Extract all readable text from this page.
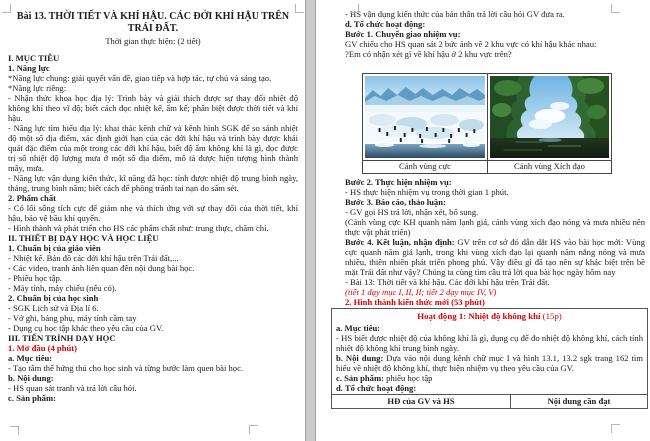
Bài 13. THỜI TIẾT VÀ KHÍ HẬU. CÁC ĐỚI KHÍ HẬU TRÊN TRÁI ĐẤT.

Thời gian thực hiện: (2 tiết)

I. MỤC TIÊU

1. Năng lực

*Năng lực chung: giải quyết vấn đề, giao tiếp và hợp tác, tự chủ và sáng tạo.

*Năng lực riêng:

- Nhận thức khoa học địa lý: Trình bày và giải thích được sự thay đổi nhiệt độ không khí theo vĩ độ; biết cách đọc nhiệt kế, ẩm kế; phân biệt được thời tiết và khí hậu.

- Năng lực tìm hiểu địa lý: khai thác kênh chữ và kênh hình SGK để so sánh nhiệt độ một số địa điểm, xác định giới hạn của các đới khí hậu và trình bày được khái quát đặc điểm của một trong các đới khí hậu, biết độ ẩm không khí là gì, đọc được trị số nhiệt độ lượng mưa ở một số địa điểm, mô tả được hiện tượng hình thành mây, mưa.

- Năng lực vận dụng kiến thức, kĩ năng đã học: tính được nhiệt độ trung bình ngày, tháng, trung bình năm; biết cách để phòng tránh tai nạn do sấm sét.

2. Phẩm chất

- Có lối sống tích cực để giảm nhẹ và thích ứng với sự thay đổi của thời tiết, khí hậu, bảo vệ bầu khí quyển.

- Hình thành và phát triển cho HS các phẩm chất như: trung thực, chăm chỉ.

II. THIẾT BỊ DẠY HỌC VÀ HỌC LIỆU

1. Chuẩn bị của giáo viên

- Nhiệt kế. Bản đồ các đới khí hậu trên Trái đất,...

- Các video, tranh ảnh liên quan đến nội dung bài học.

- Phiếu học tập.

- Máy tính, máy chiếu (nếu có).

2. Chuẩn bị của học sinh

- SGK Lịch sử và Địa lí 6.

- Vở ghi, bảng phụ, máy tính cầm tay

- Dụng cụ học tập khác theo yêu cầu của GV.

III. TIẾN TRÌNH DẠY HỌC

1. Mở đầu (4 phút)

a. Mục tiêu:

- Tạo tâm thế hứng thú cho học sinh và từng bước làm quen bài học.

b. Nội dung:

- HS quan sát tranh và trả lời câu hỏi.

c. Sản phẩm:

- HS vận dụng kiến thức của bản thân trả lời câu hỏi GV đưa ra.

d. Tổ chức hoạt động:

Bước 1. Chuyển giao nhiệm vụ:

GV chiếu cho HS quan sát 2 bức ảnh về 2 khu vực có khí hậu khác nhau:

?Em có nhận xét gì về khí hậu ở 2 khu vực trên?

Cảnh vùng cực	Cảnh vùng Xích đạo

Bước 2. Thực hiện nhiệm vụ:

- HS thực hiện nhiệm vụ trong thời gian 1 phút.

Bước 3. Báo cáo, thảo luận:

- GV gọi HS trả lời, nhận xét, bổ sung.

(Cảnh vùng cực KH quanh năm lạnh giá, cảnh vùng xích đạo nóng và mưa nhiều nên thực vật phát triển)

Bước 4. Kết luận, nhận định: GV trên cơ sở đó dẫn dắt HS vào bài học mới: Vùng cực quanh năm giá lạnh, trong khi vùng xích đạo lại quanh năm nắng nóng và mưa nhiều, thiên nhiên phát triển phong phú. Vậy điều gì đã tạo nên sự khác biệt trên bề mặt Trái đất như vậy? Chúng ta cùng tìm câu trả lời qua bài học ngày hôm nay

- Bài 13: Thời tiết và khí hậu. Các đới khí hậu trên Trái đất.

(tiết 1 dạy mục I, II, II; tiết 2 dạy mục IV, V)

2. Hình thành kiến thức mới (53 phút)

Hoạt động 1: Nhiệt độ không khí (15p)

a. Mục tiêu:

- HS biết được nhiệt độ của không khí là gì, dụng cụ để đo nhiệt độ không khí, cách tính nhiệt độ không khí trung bình ngày.

b. Nội dung: Dựa vào nội dung kênh chữ mục I và hình 13.1, 13.2 sgk trang 162 tìm hiểu về nhiệt độ không khí, thực hiện nhiệm vụ theo yêu cầu của GV.

c. Sản phẩm: phiếu học tập

d. Tổ chức hoạt động:

HĐ của GV và HS	Nội dung cần đạt
